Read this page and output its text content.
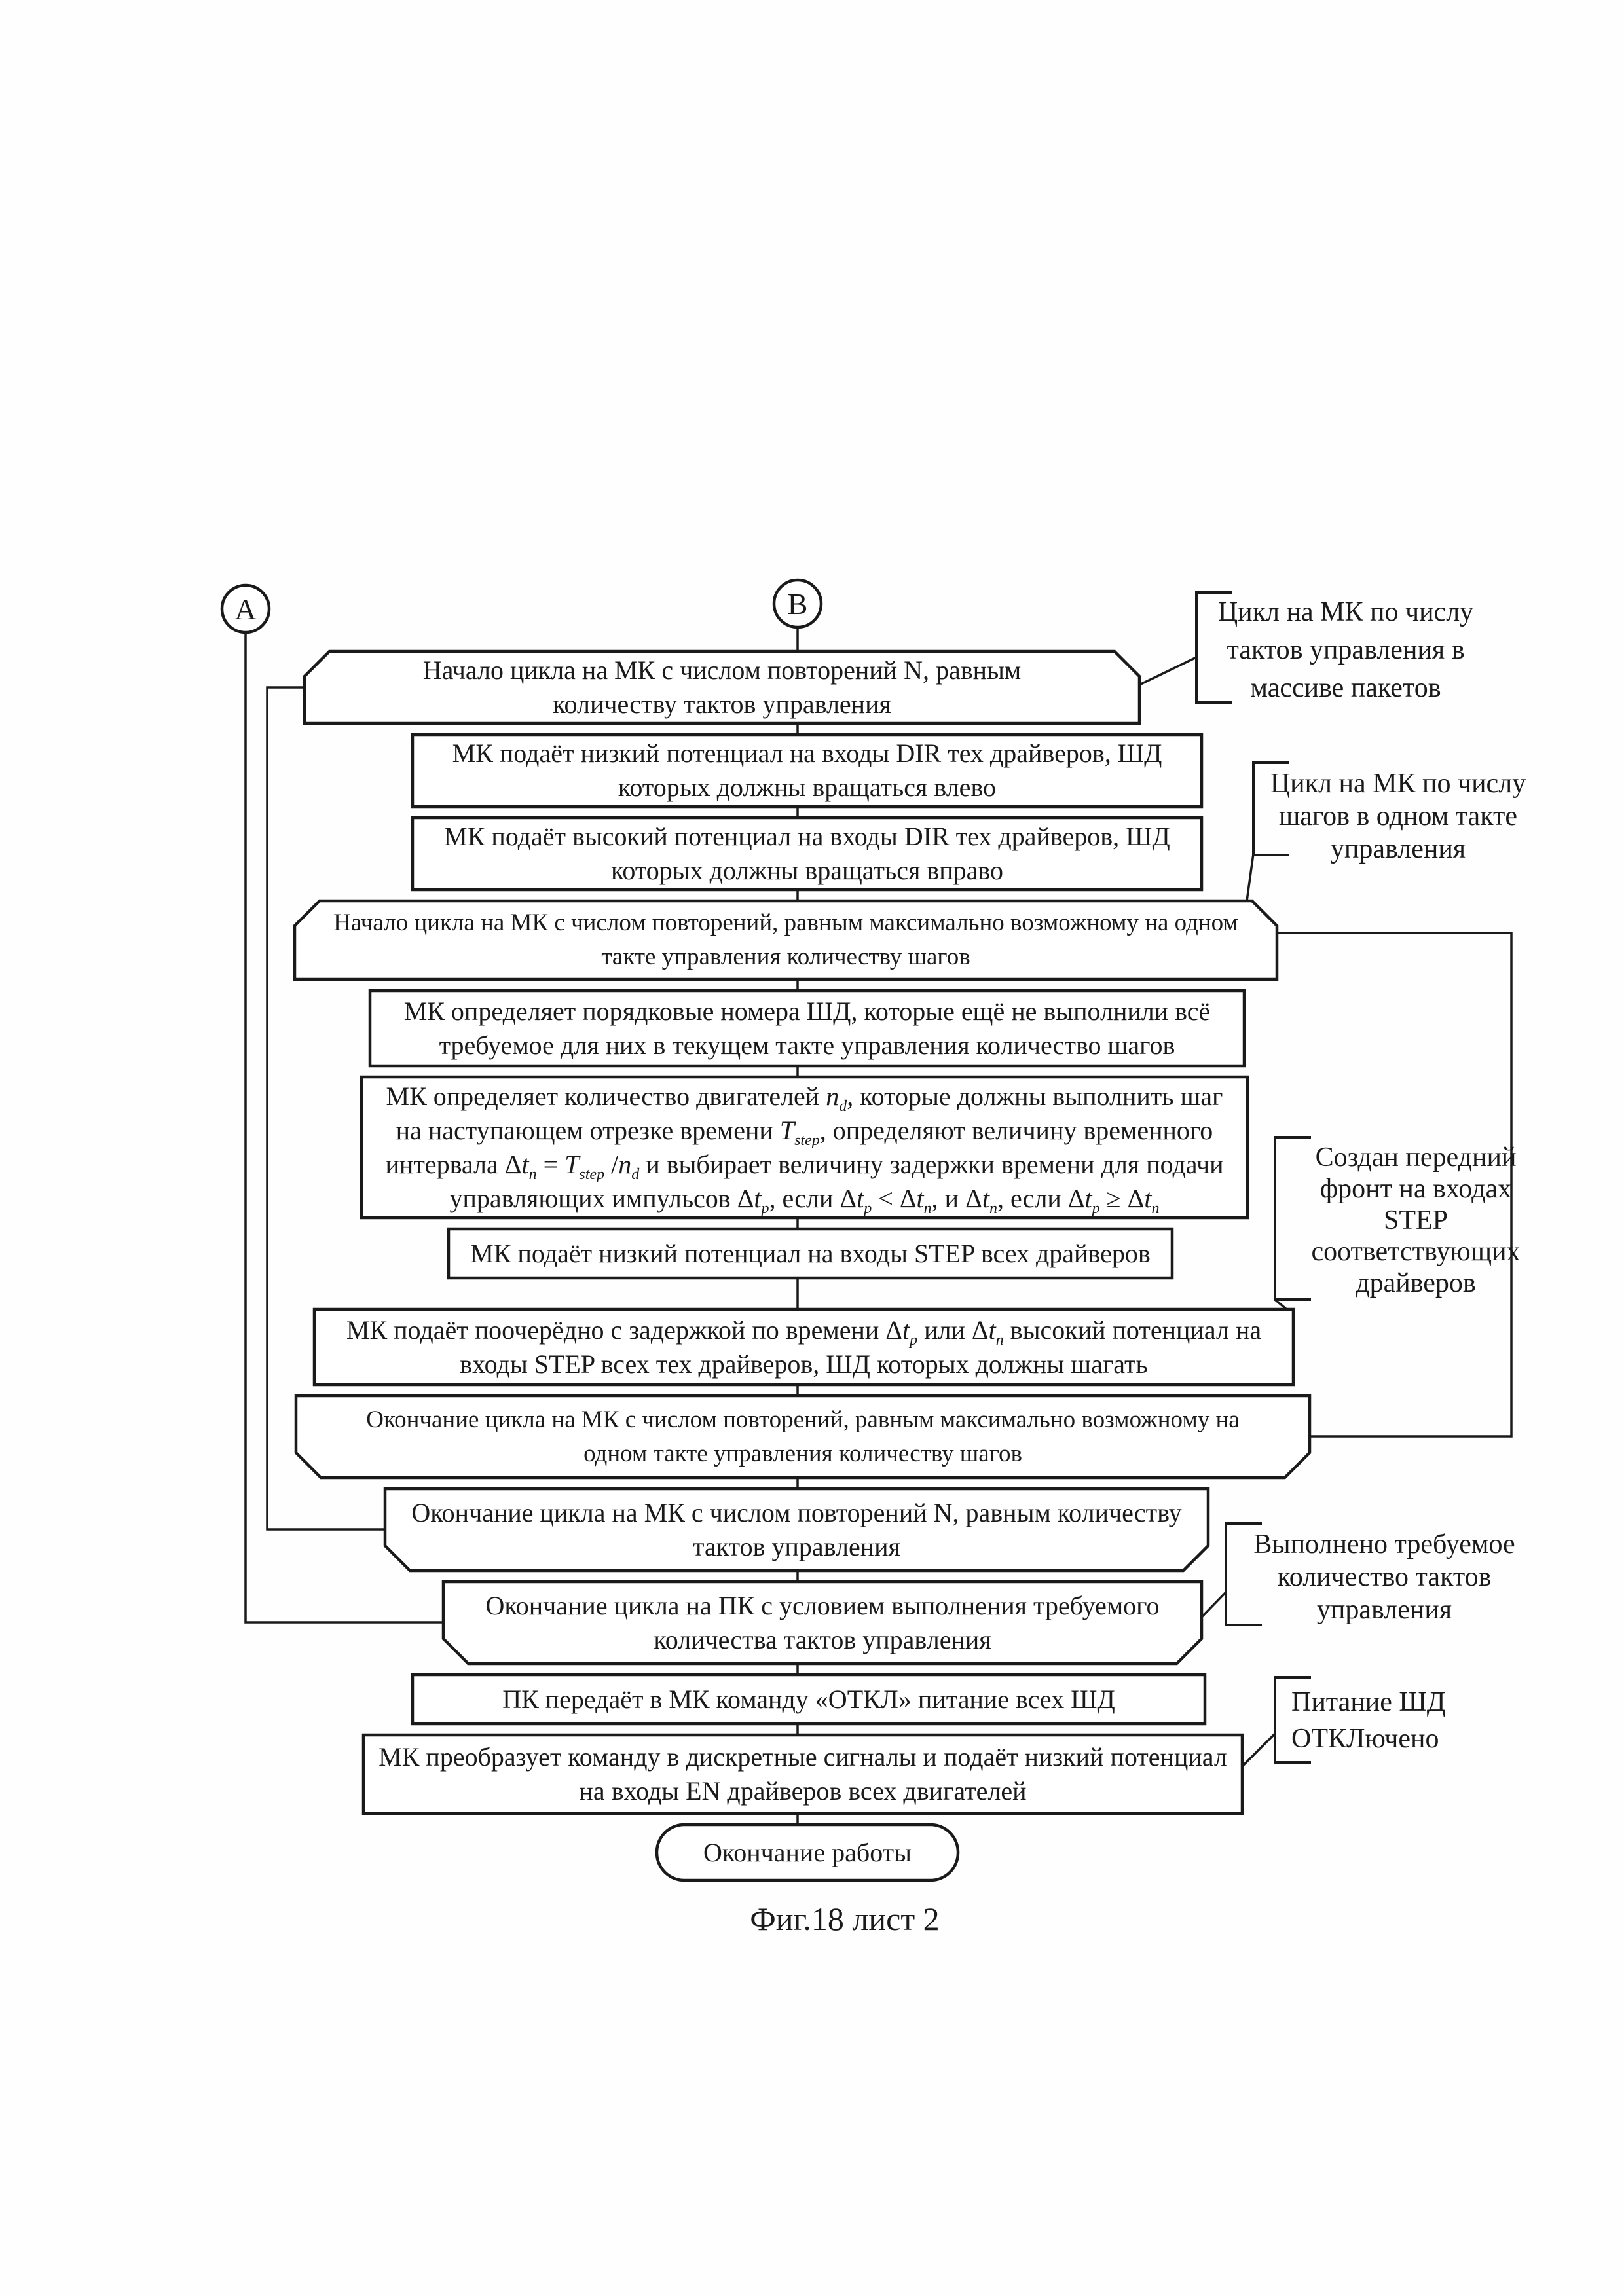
А	В
Начало цикла на МК с числом повторений N, равным
количеству тактов управления
МК подаёт низкий потенциал на входы DIR тех драйверов, ШД
которых должны вращаться влево
МК подаёт высокий потенциал на входы DIR тех драйверов, ШД
которых должны вращаться вправо
Начало цикла на МК с числом повторений, равным максимально возможному на одном
такте управления количеству шагов
МК определяет порядковые номера ШД, которые ещё не выполнили всё
требуемое для них в текущем такте управления количество шагов
МК определяет количество двигателей $n_d$, которые должны выполнить шаг
на наступающем отрезке времени $T_{step}$, определяют величину временного
интервала $\Delta t_n = T_{step}$ $/n_d$ и выбирает величину задержки времени для подачи
управляющих импульсов $\Delta t_p$, если $\Delta t_p < \Delta t_n$, и $\Delta t_n$, если $\Delta t_p \ge \Delta t_n$
МК подаёт низкий потенциал на входы STEP всех драйверов
МК подаёт поочерёдно с задержкой по времени $\Delta t_p$ или $\Delta t_n$ высокий потенциал на
входы STEP всех тех драйверов, ШД которых должны шагать
Окончание цикла на МК с числом повторений, равным максимально возможному на
одном такте управления количеству шагов
Окончание цикла на МК с числом повторений N, равным количеству
тактов управления
Окончание цикла на ПК с условием выполнения требуемого
количества тактов управления
ПК передаёт в МК команду «ОТКЛ» питание всех ШД
МК преобразует команду в дискретные сигналы и подаёт низкий потенциал
на входы EN драйверов всех двигателей
Окончание работы
Цикл на МК по числу
тактов управления в
массиве пакетов
Цикл на МК по числу
шагов в одном такте
управления
Создан передний
фронт на входах
STEP
соответствующих
драйверов
Выполнено требуемое
количество тактов
управления
Питание ШД
ОТКЛючено
Фиг.18 лист 2
